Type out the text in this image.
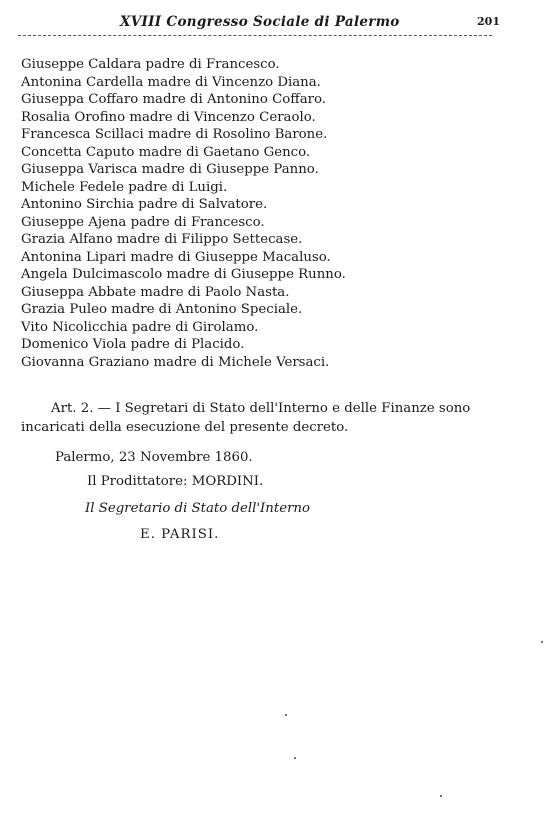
XVIII Congresso Sociale di Palermo	201
Giuseppe Caldara padre di Francesco.
Antonina Cardella madre di Vincenzo Diana.
Giuseppa Coffaro madre di Antonino Coffaro.
Rosalia Orofino madre di Vincenzo Ceraolo.
Francesca Scillaci madre di Rosolino Barone.
Concetta Caputo madre di Gaetano Genco.
Giuseppa Varisca madre di Giuseppe Panno.
Michele Fedele padre di Luigi.
Antonino Sirchia padre di Salvatore.
Giuseppe Ajena padre di Francesco.
Grazia Alfano madre di Filippo Settecase.
Antonina Lipari madre di Giuseppe Macaluso.
Angela Dulcimascolo madre di Giuseppe Runno.
Giuseppa Abbate madre di Paolo Nasta.
Grazia Puleo madre di Antonino Speciale.
Vito Nicolicchia padre di Girolamo.
Domenico Viola padre di Placido.
Giovanna Graziano madre di Michele Versaci.

Art. 2. — I Segretari di Stato dell'Interno e delle Finanze sono incaricati della esecuzione del presente decreto.

Palermo, 23 Novembre 1860.
Il Prodittatore: MORDINI.
Il Segretario di Stato dell'Interno
E. PARISI.
